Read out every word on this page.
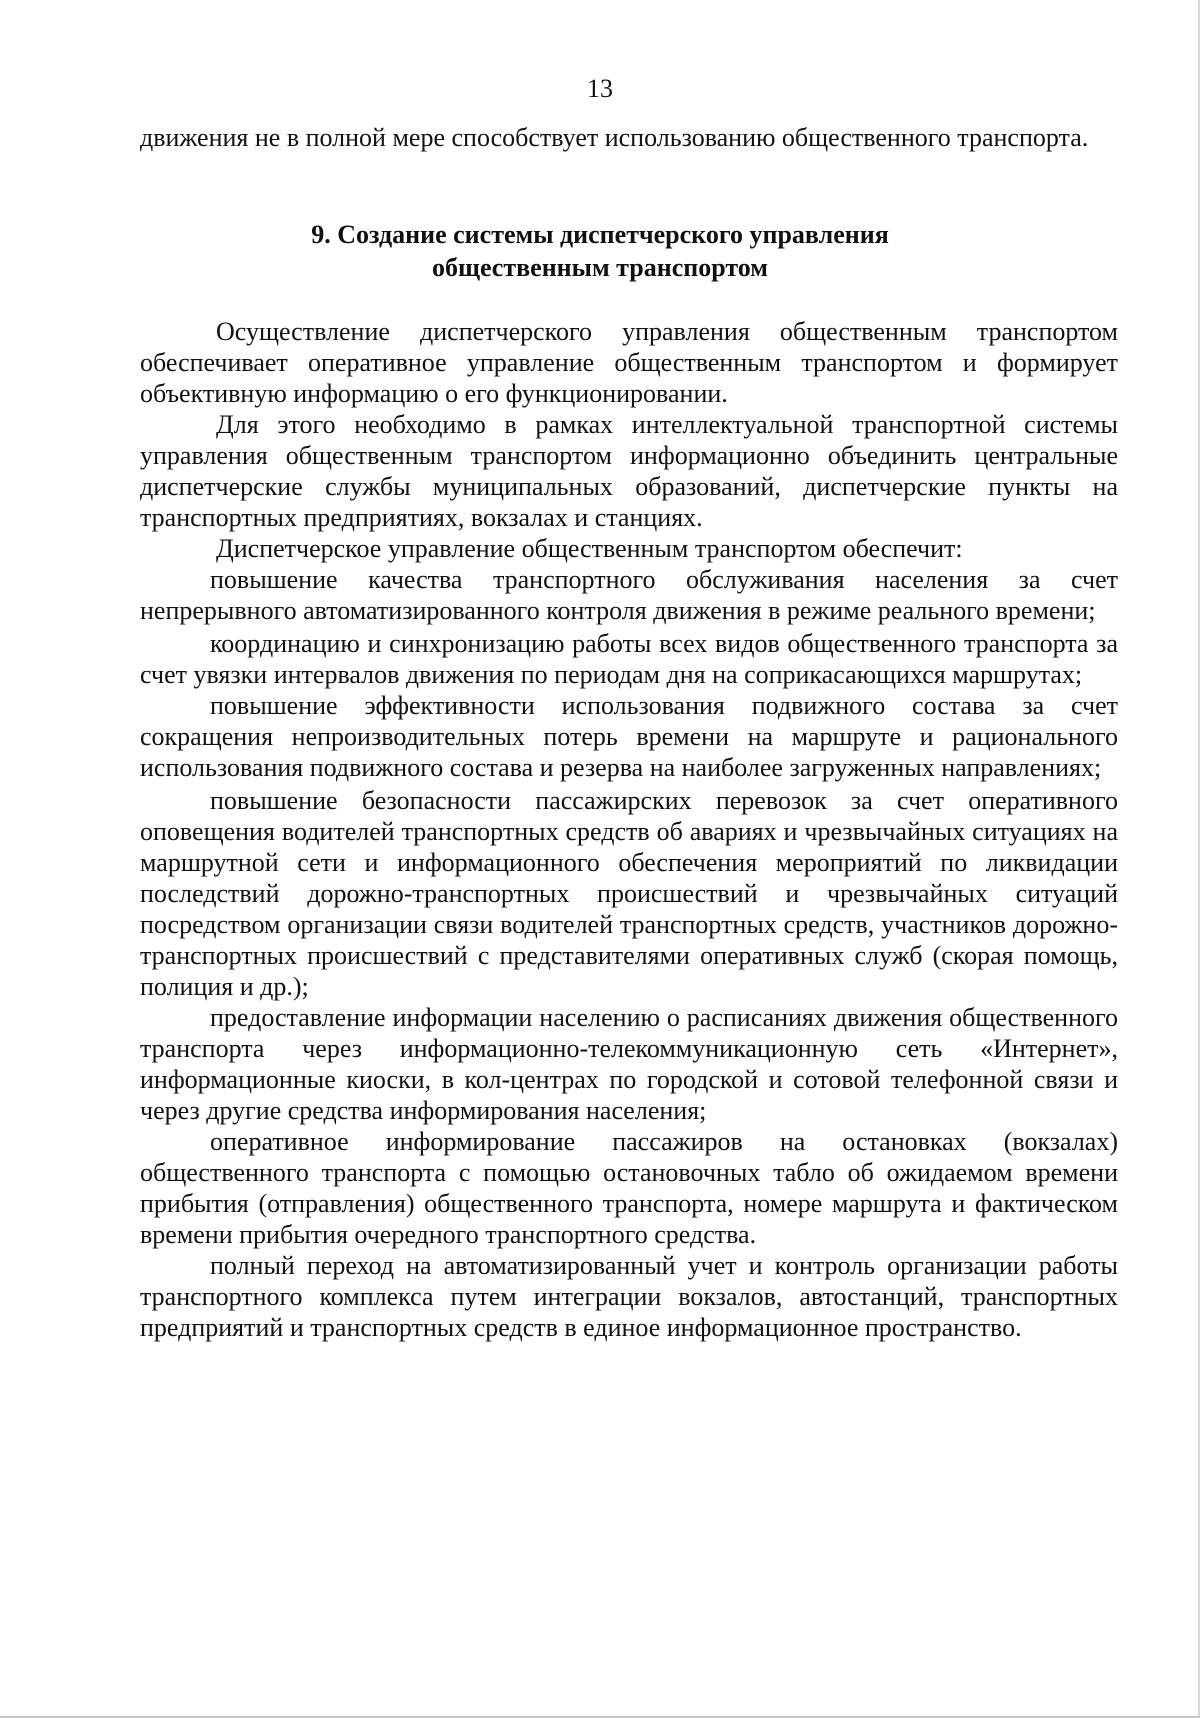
13

движения не в полной мере способствует использованию общественного транспорта.

9. Создание системы диспетчерского управления
общественным транспортом

Осуществление диспетчерского управления общественным транспортом обеспечивает оперативное управление общественным транспортом и формирует объективную информацию о его функционировании.

Для этого необходимо в рамках интеллектуальной транспортной системы управления общественным транспортом информационно объединить центральные диспетчерские службы муниципальных образований, диспетчерские пункты на транспортных предприятиях, вокзалах и станциях.

Диспетчерское управление общественным транспортом обеспечит:

повышение качества транспортного обслуживания населения за счет непрерывного автоматизированного контроля движения в режиме реального времени;

координацию и синхронизацию работы всех видов общественного транспорта за счет увязки интервалов движения по периодам дня на соприкасающихся маршрутах;

повышение эффективности использования подвижного состава за счет сокращения непроизводительных потерь времени на маршруте и рационального использования подвижного состава и резерва на наиболее загруженных направлениях;

повышение безопасности пассажирских перевозок за счет оперативного оповещения водителей транспортных средств об авариях и чрезвычайных ситуациях на маршрутной сети и информационного обеспечения мероприятий по ликвидации последствий дорожно-транспортных происшествий и чрезвычайных ситуаций посредством организации связи водителей транспортных средств, участников дорожно-транспортных происшествий с представителями оперативных служб (скорая помощь, полиция и др.);

предоставление информации населению о расписаниях движения общественного транспорта через информационно-телекоммуникационную сеть «Интернет», информационные киоски, в кол-центрах по городской и сотовой телефонной связи и через другие средства информирования населения;

оперативное информирование пассажиров на остановках (вокзалах) общественного транспорта с помощью остановочных табло об ожидаемом времени прибытия (отправления) общественного транспорта, номере маршрута и фактическом времени прибытия очередного транспортного средства.

полный переход на автоматизированный учет и контроль организации работы транспортного комплекса путем интеграции вокзалов, автостанций, транспортных предприятий и транспортных средств в единое информационное пространство.
